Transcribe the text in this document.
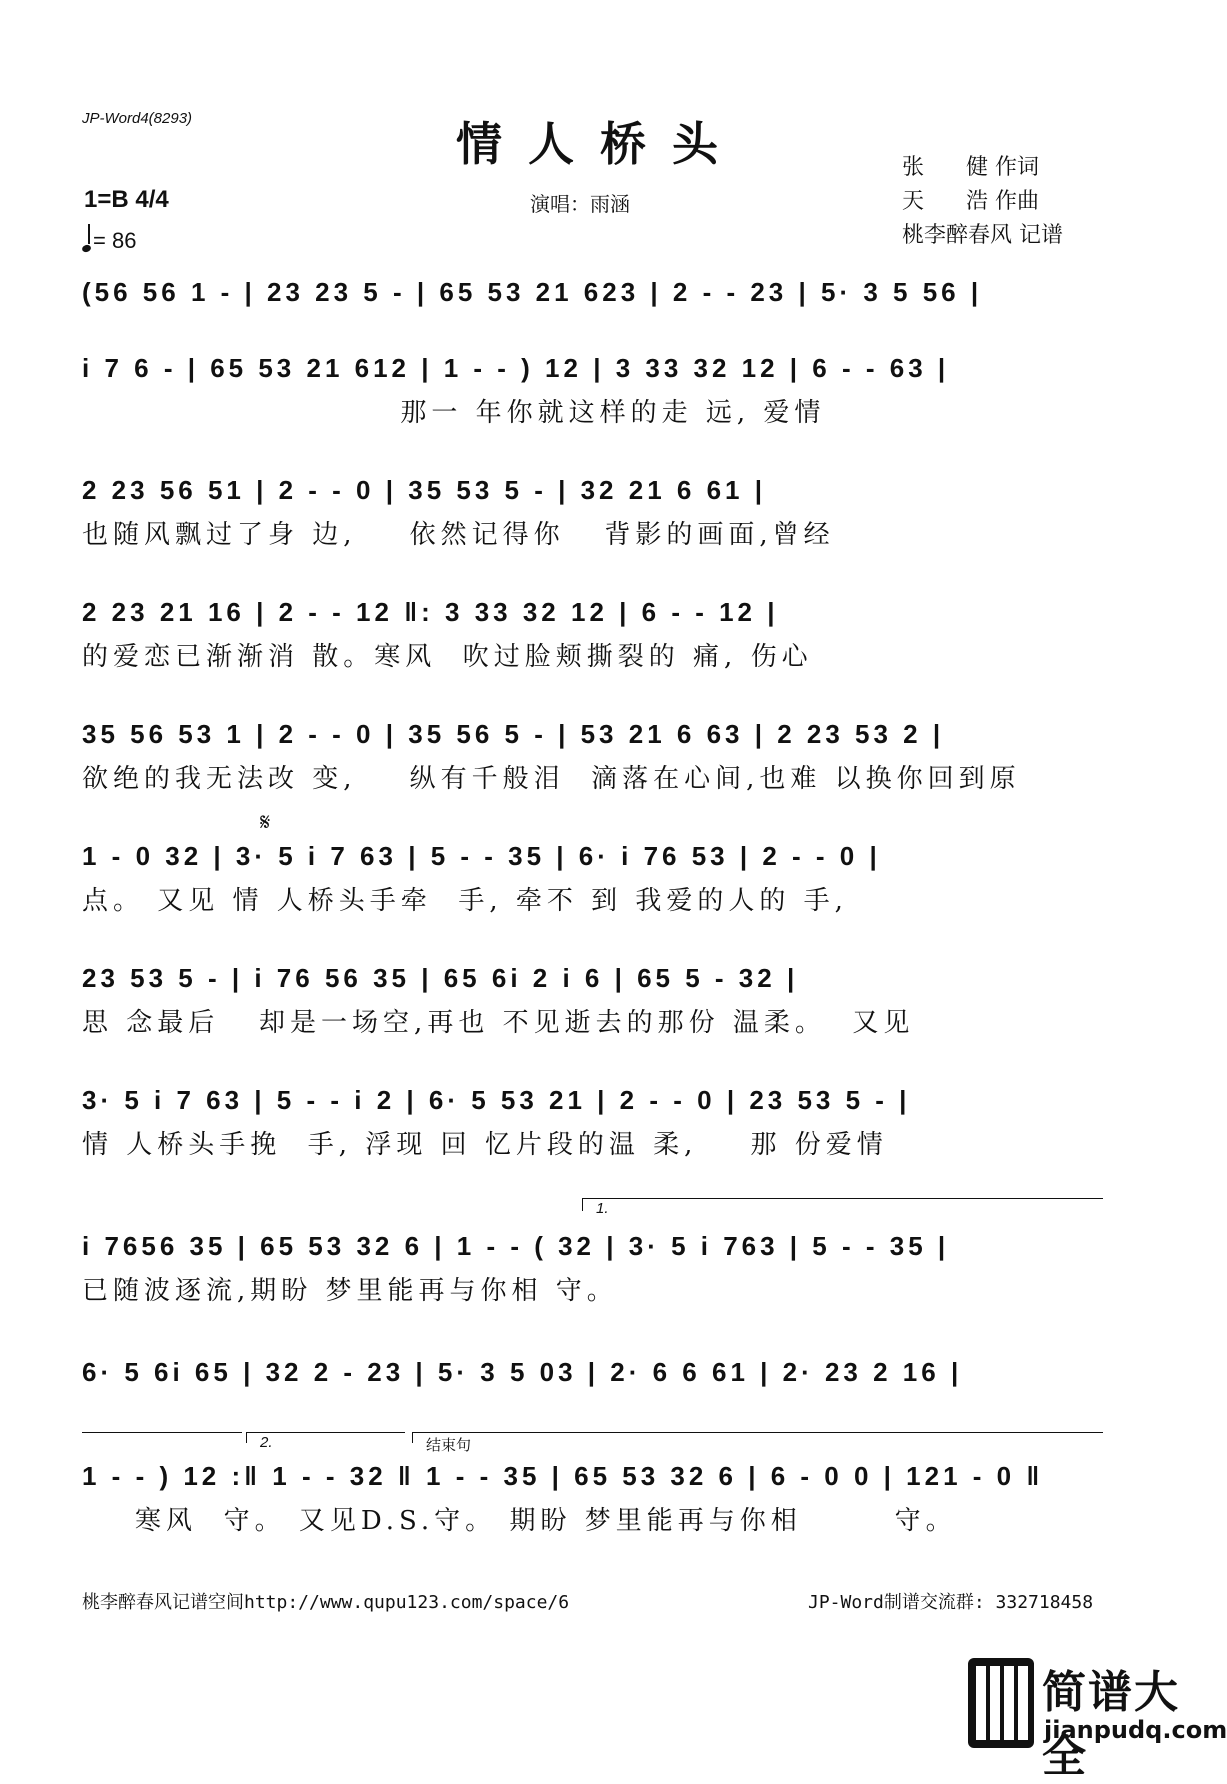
JP-Word4(8293)	情人桥头
演唱：雨涵
张      健 作词
天      浩 作曲
桃李醉春风 记谱
1=B 4/4
= 86
(56 56 1 - | 23 23 5 - | 65 53 21 623 | 2 - - 23 | 5· 3 5 56 |
i 7 6 - | 65 53 21 612 | 1 - - ) 12 | 3 33 32 12 | 6 - - 63 |
那一 年你就这样的走 远, 爱情
2 23 56 51 | 2 - - 0 | 35 53 5 - | 32 21 6 61 |
也随风飘过了身 边,    依然记得你   背影的画面,曾经
2 23 21 16 | 2 - - 12 ‖: 3 33 32 12 | 6 - - 12 |
的爱恋已渐渐消 散。寒风  吹过脸颊撕裂的 痛, 伤心
35 56 53 1 | 2 - - 0 | 35 56 5 - | 53 21 6 63 | 2 23 53 2 |
欲绝的我无法改 变,    纵有千般泪  滴落在心间,也难 以换你回到原
𝄋
1 - 0 32 | 3· 5 i 7 63 | 5 - - 35 | 6· i 76 53 | 2 - - 0 |
点。 又见 情 人桥头手牵  手, 牵不 到 我爱的人的 手,
23 53 5 - | i 76 56 35 | 65 6i 2 i 6 | 65 5 - 32 |
思 念最后   却是一场空,再也 不见逝去的那份 温柔。  又见
3· 5 i 7 63 | 5 - - i 2 | 6· 5 53 21 | 2 - - 0 | 23 53 5 - |
情 人桥头手挽  手, 浮现 回 忆片段的温 柔,    那 份爱情
1.
i 7656 35 | 65 53 32 6 | 1 - - ( 32 | 3· 5 i 763 | 5 - - 35 |
已随波逐流,期盼 梦里能再与你相 守。
6· 5 6i 65 | 32 2 - 23 | 5· 3 5 03 | 2· 6 6 61 | 2· 23 2 16 |
2.	结束句
1 - - ) 12 :‖ 1 - - 32 ‖ 1 - - 35 | 65 53 32 6 | 6 - 0 0 | 121 - 0 ‖
寒风  守。 又见D.S.守。 期盼 梦里能再与你相       守。
桃李醉春风记谱空间http://www.qupu123.com/space/6	JP-Word制谱交流群: 332718458
简谱大全
jianpudq.com
